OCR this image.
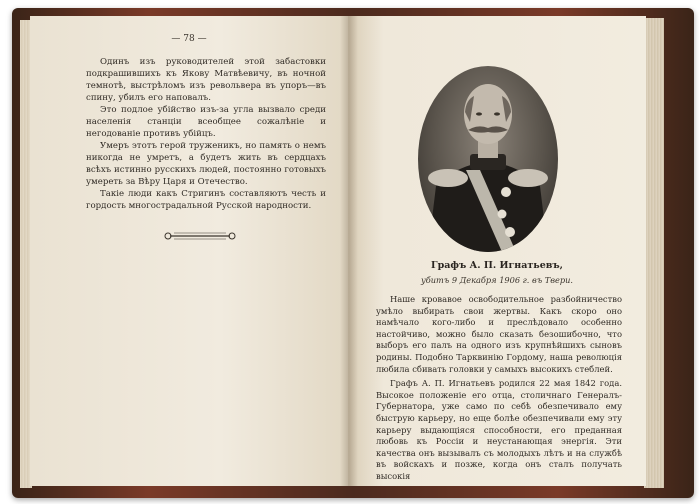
— 78 —

Одинъ изъ руководителей этой забастовки подкрашившихъ къ Якову Матвѣевичу, въ ночной темнотѣ, выстрѣломъ изъ револьвера въ упоръ—въ спину, убилъ его наповалъ.

Это подлое убійство изъ-за угла вызвало среди населенія станціи всеобщее сожалѣніе и негодованіе противъ убійцъ.

Умеръ этотъ герой труженикъ, но память о немъ никогда не умретъ, а будетъ жить въ сердцахъ всѣхъ истинно русскихъ людей, постоянно готовыхъ умереть за Вѣру Царя и Отечество.

Такіе люди какъ Стригинъ составляютъ честь и гордость многострадальной Русской народности.

Графъ А. П. Игнатьевъ,
убитъ 9 Декабря 1906 г. въ Твери.

Наше кровавое освободительное разбойничество умѣло выбирать свои жертвы. Какъ скоро оно намѣчало кого-либо и преслѣдовало особенно настойчиво, можно было сказать безошибочно, что выборъ его палъ на одного изъ крупнѣйшихъ сыновъ родины. Подобно Тарквинію Гордому, наша революція любила сбивать головки у самыхъ высокихъ стеблей.

Графъ А. П. Игнатьевъ родился 22 мая 1842 года. Высокое положеніе его отца, столичнаго Генералъ-Губернатора, уже само по себѣ обезпечивало ему быструю карьеру, но еще болѣе обезпечивали ему эту карьеру выдающіяся способности, его преданная любовь къ Россіи и неустанающая энергія. Эти качества онъ вызывалъ съ молодыхъ лѣтъ и на службѣ въ войскахъ и позже, когда онъ сталъ получать высокія
